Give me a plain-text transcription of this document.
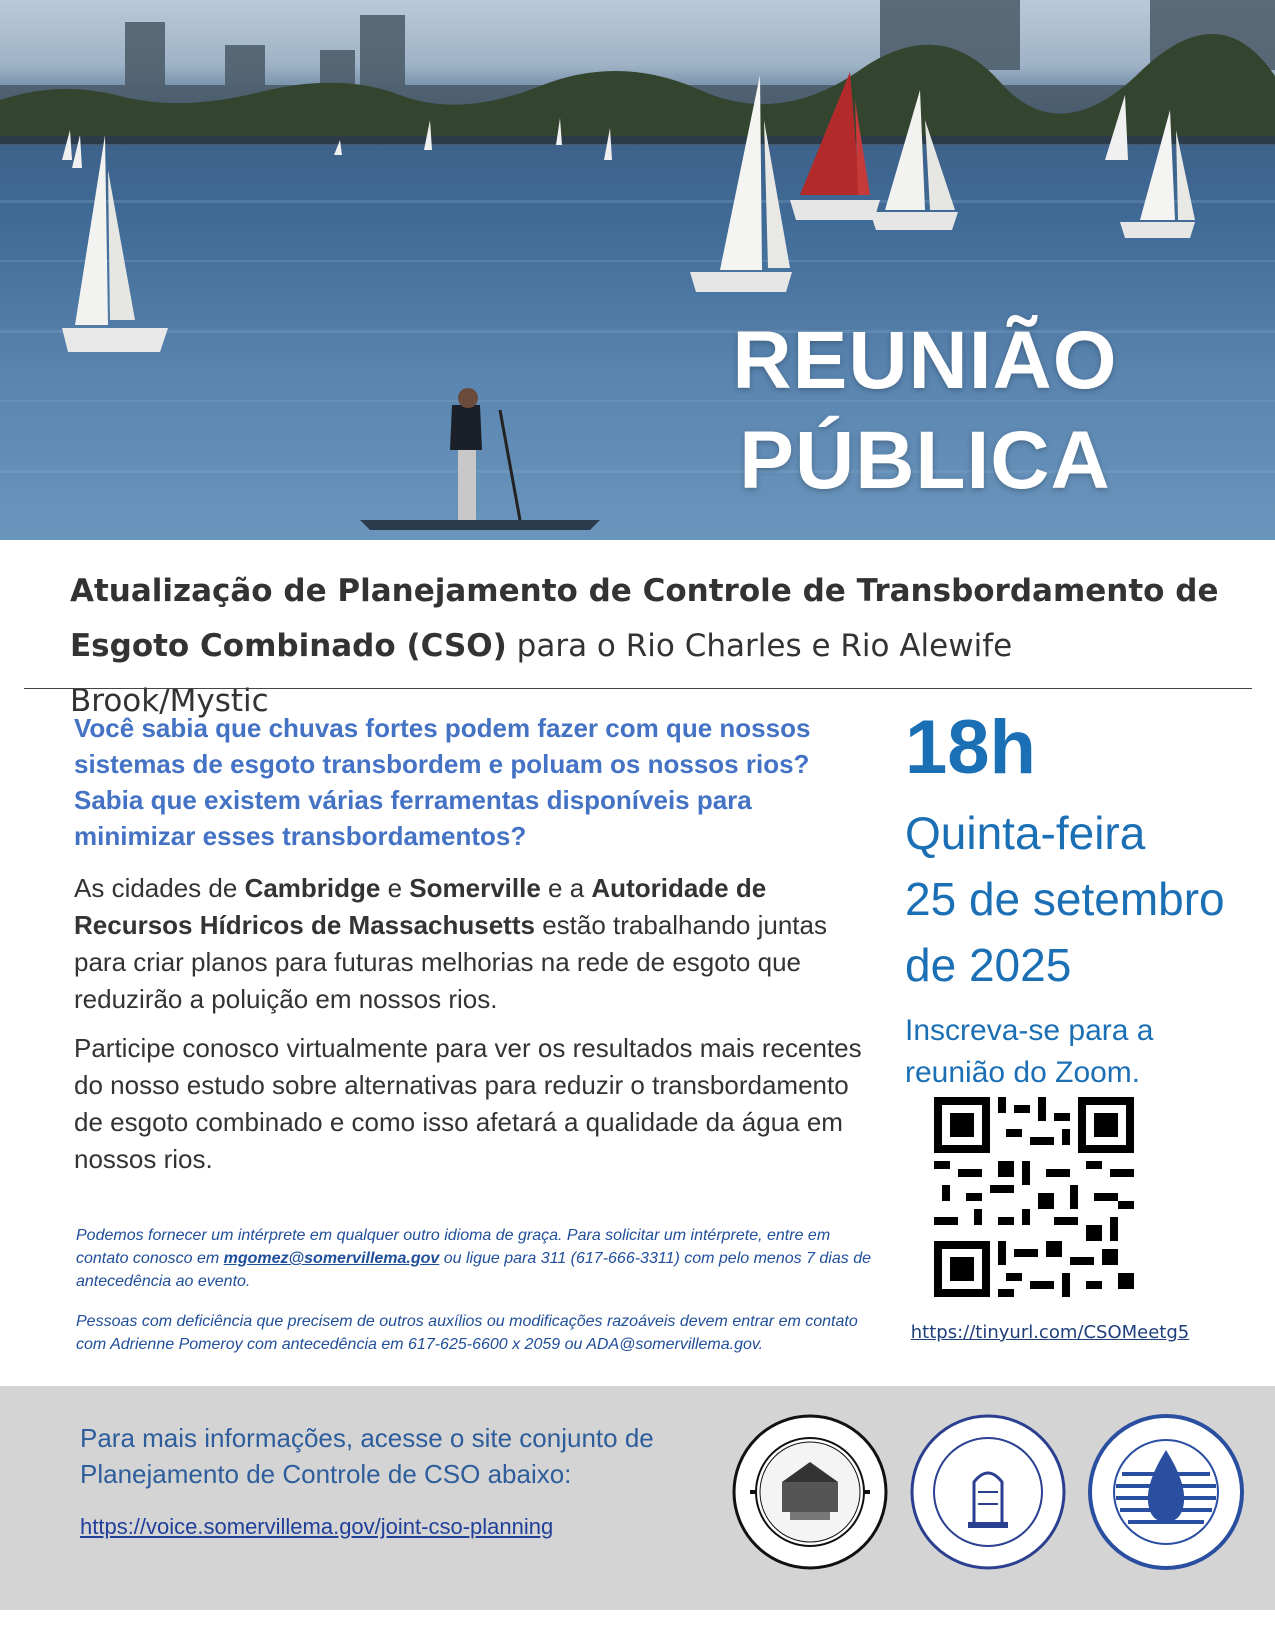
REUNIÃO
PÚBLICA
Atualização de Planejamento de Controle de Transbordamento de
Esgoto Combinado (CSO) para o Rio Charles e Rio Alewife Brook/Mystic
Você sabia que chuvas fortes podem fazer com que nossos sistemas de esgoto transbordem e poluam os nossos rios? Sabia que existem várias ferramentas disponíveis para minimizar esses transbordamentos?
As cidades de Cambridge e Somerville e a Autoridade de Recursos Hídricos de Massachusetts estão trabalhando juntas para criar planos para futuras melhorias na rede de esgoto que reduzirão a poluição em nossos rios.
Participe conosco virtualmente para ver os resultados mais recentes do nosso estudo sobre alternativas para reduzir o transbordamento de esgoto combinado e como isso afetará a qualidade da água em nossos rios.
Podemos fornecer um intérprete em qualquer outro idioma de graça. Para solicitar um intérprete, entre em contato conosco em mgomez@somervillema.gov ou ligue para 311 (617-666-3311) com pelo menos 7 dias de antecedência ao evento.
Pessoas com deficiência que precisem de outros auxílios ou modificações razoáveis devem entrar em contato com Adrienne Pomeroy com antecedência em 617-625-6600 x 2059 ou ADA@somervillema.gov.
18h
Quinta-feira
25 de setembro
de 2025
Inscreva-se para a reunião do Zoom.
https://tinyurl.com/CSOMeetg5
Para mais informações, acesse o site conjunto de Planejamento de Controle de CSO abaixo:
https://voice.somervillema.gov/joint-cso-planning
